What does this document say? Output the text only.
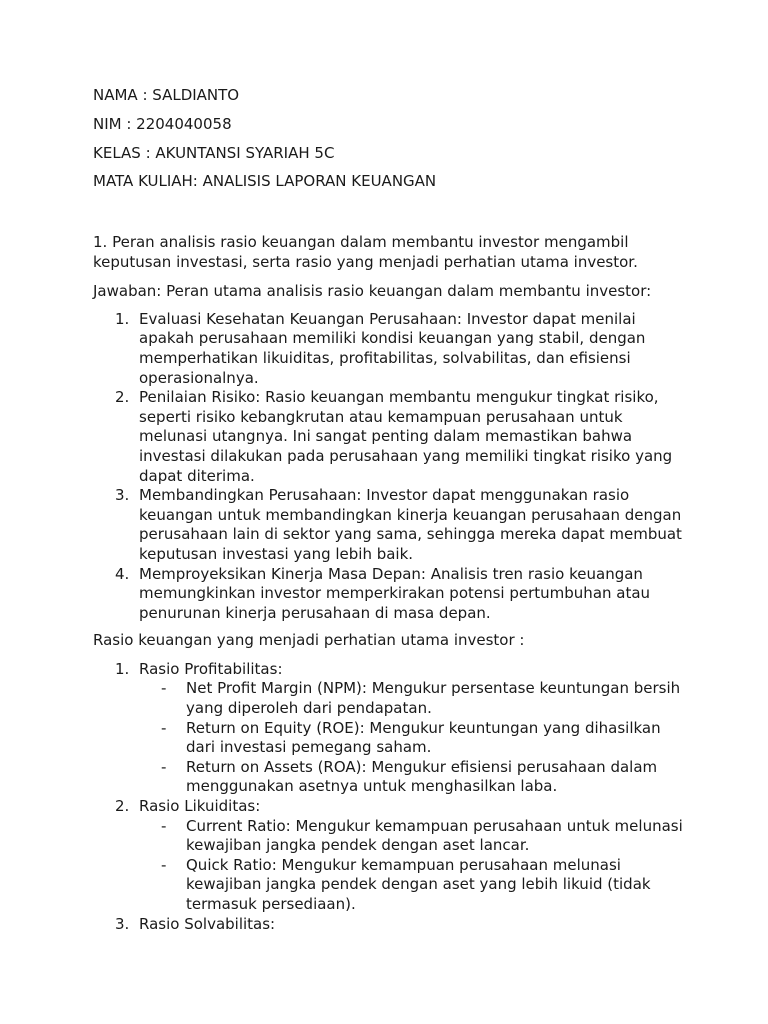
NAMA : SALDIANTO

NIM : 2204040058

KELAS : AKUNTANSI SYARIAH 5C

MATA KULIAH: ANALISIS LAPORAN KEUANGAN

1. Peran analisis rasio keuangan dalam membantu investor mengambil keputusan investasi, serta rasio yang menjadi perhatian utama investor.

Jawaban: Peran utama analisis rasio keuangan dalam membantu investor:

1. Evaluasi Kesehatan Keuangan Perusahaan: Investor dapat menilai apakah perusahaan memiliki kondisi keuangan yang stabil, dengan memperhatikan likuiditas, profitabilitas, solvabilitas, dan efisiensi operasionalnya.
2. Penilaian Risiko: Rasio keuangan membantu mengukur tingkat risiko, seperti risiko kebangkrutan atau kemampuan perusahaan untuk melunasi utangnya. Ini sangat penting dalam memastikan bahwa investasi dilakukan pada perusahaan yang memiliki tingkat risiko yang dapat diterima.
3. Membandingkan Perusahaan: Investor dapat menggunakan rasio keuangan untuk membandingkan kinerja keuangan perusahaan dengan perusahaan lain di sektor yang sama, sehingga mereka dapat membuat keputusan investasi yang lebih baik.
4. Memproyeksikan Kinerja Masa Depan: Analisis tren rasio keuangan memungkinkan investor memperkirakan potensi pertumbuhan atau penurunan kinerja perusahaan di masa depan.

Rasio keuangan yang menjadi perhatian utama investor :

1. Rasio Profitabilitas:
- Net Profit Margin (NPM): Mengukur persentase keuntungan bersih yang diperoleh dari pendapatan.
- Return on Equity (ROE): Mengukur keuntungan yang dihasilkan dari investasi pemegang saham.
- Return on Assets (ROA): Mengukur efisiensi perusahaan dalam menggunakan asetnya untuk menghasilkan laba.
2. Rasio Likuiditas:
- Current Ratio: Mengukur kemampuan perusahaan untuk melunasi kewajiban jangka pendek dengan aset lancar.
- Quick Ratio: Mengukur kemampuan perusahaan melunasi kewajiban jangka pendek dengan aset yang lebih likuid (tidak termasuk persediaan).
3. Rasio Solvabilitas:
